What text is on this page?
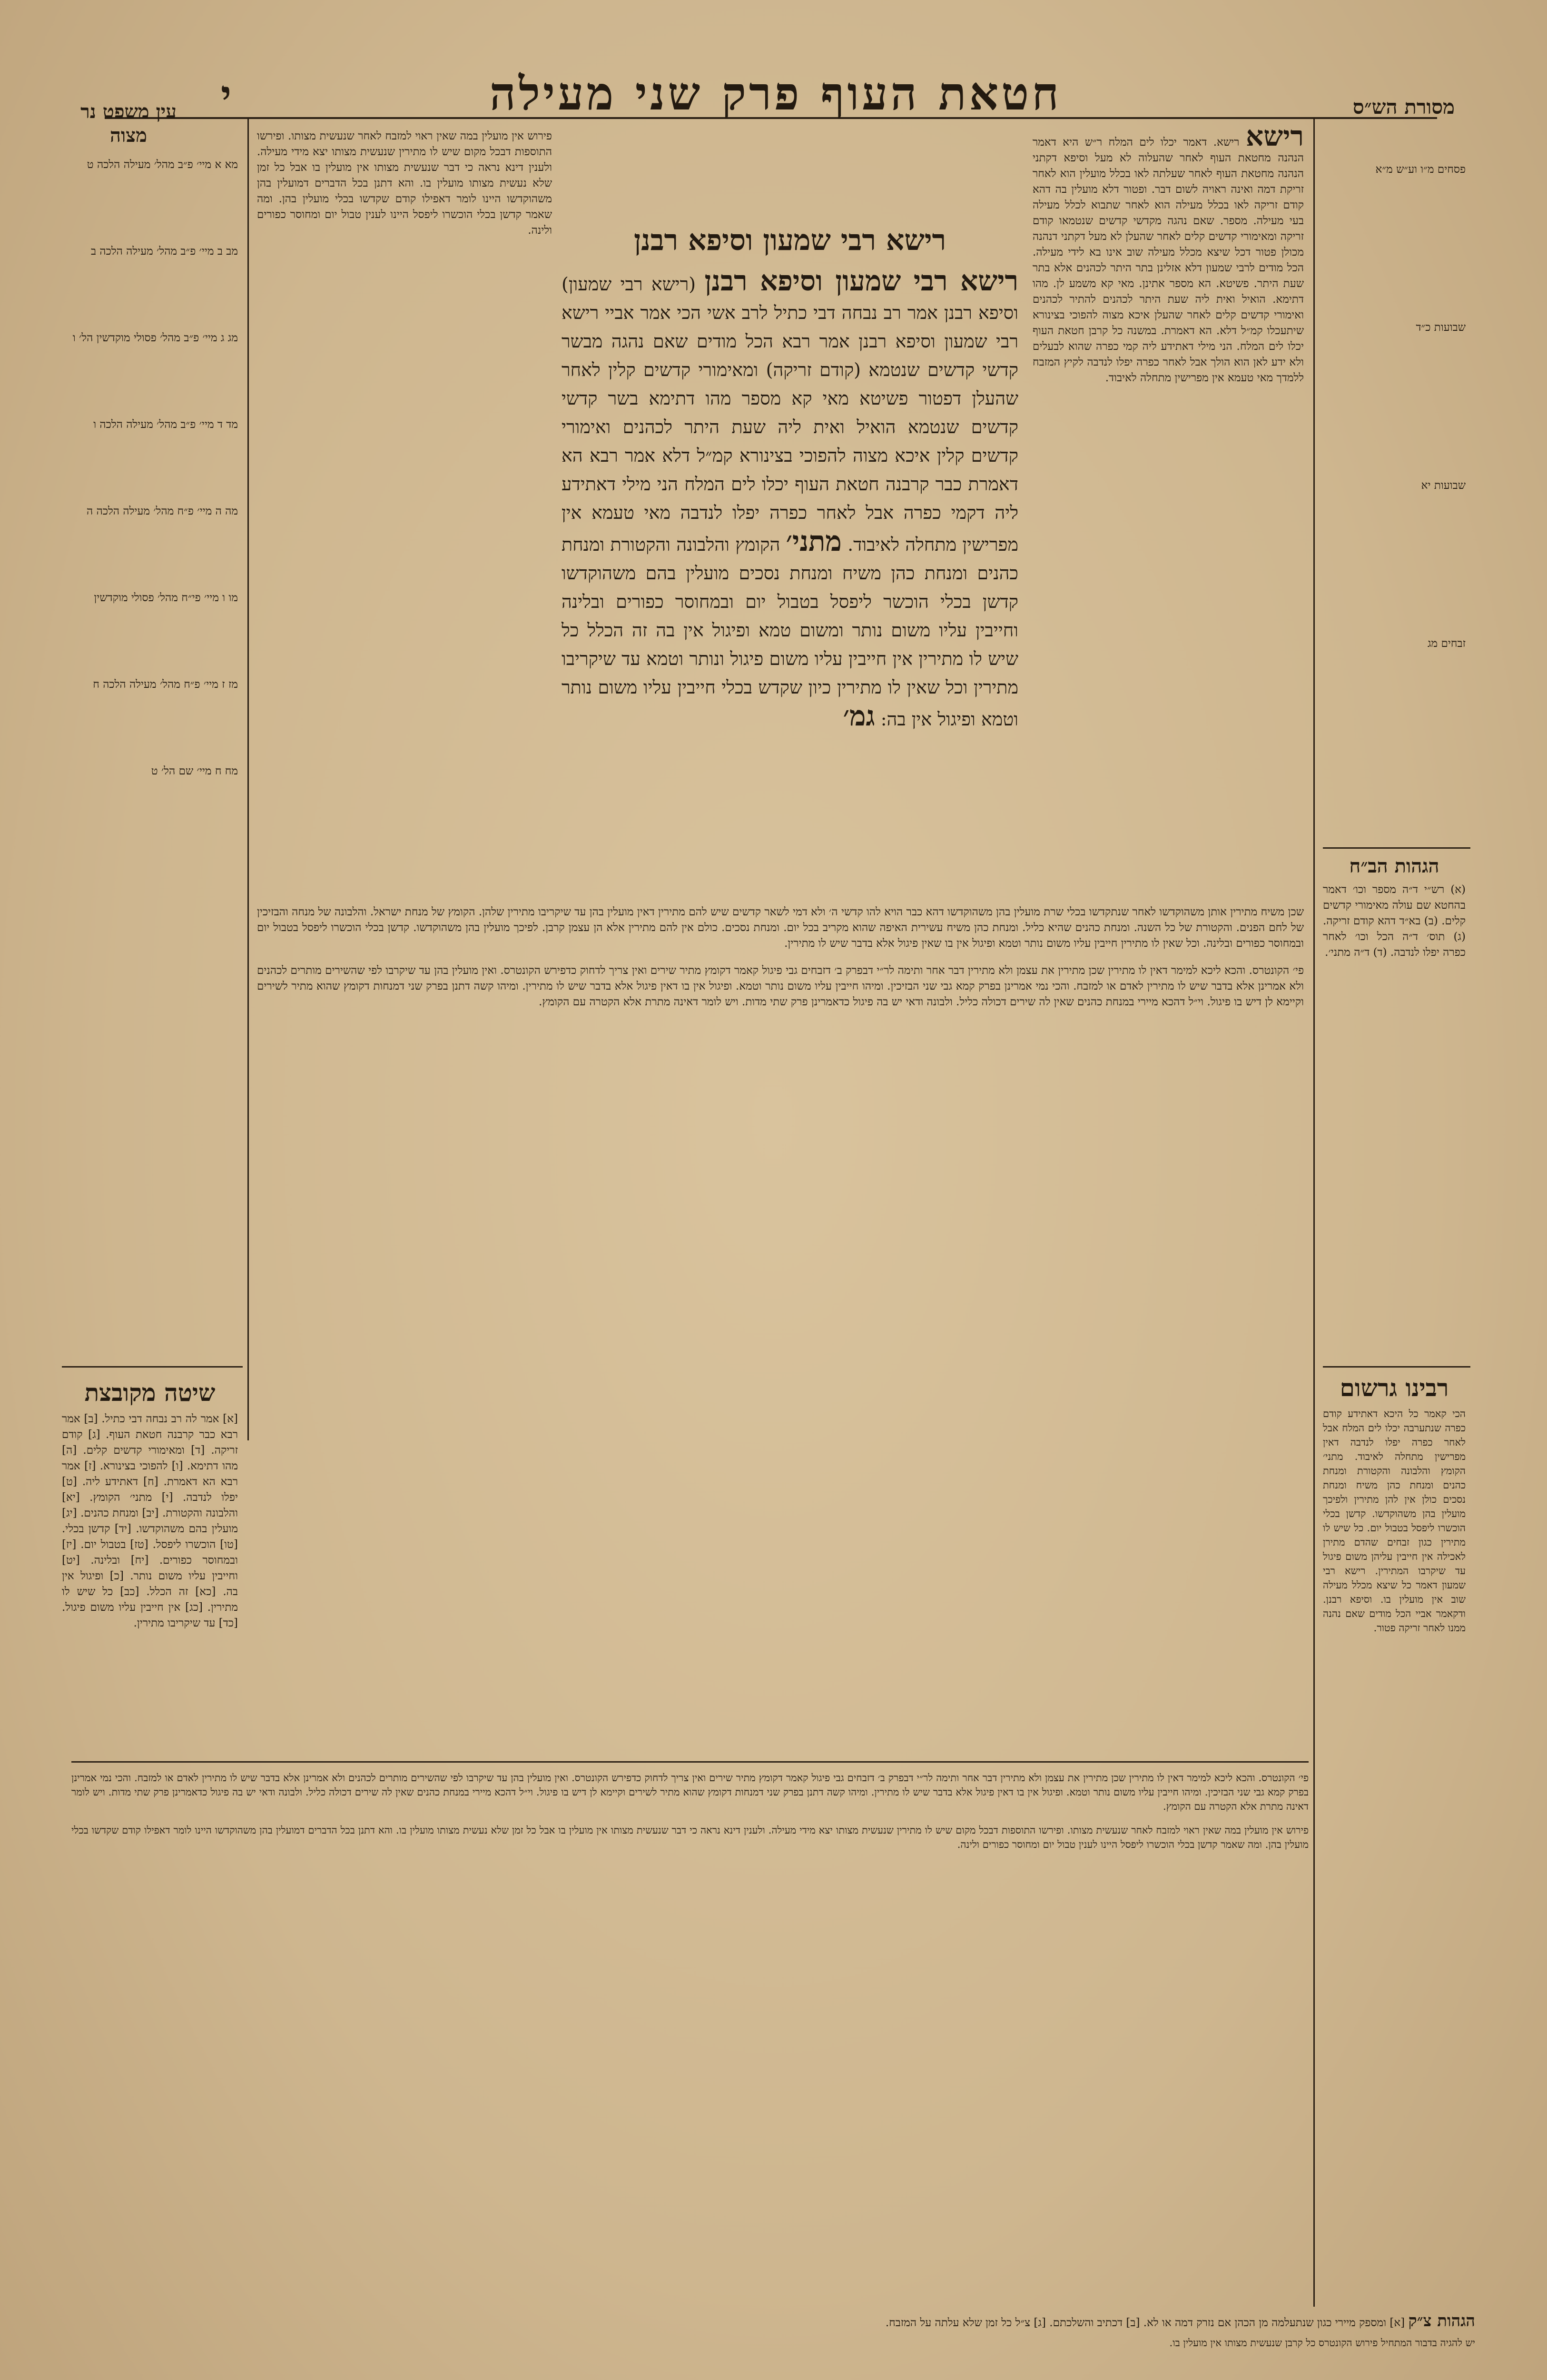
חטאת העוף פרק שני מעילה
י
עין משפט נר מצוה
מסורת הש״ס

מא א מיי׳ פ״ב מהל׳ מעילה הלכה ט

מב ב מיי׳ פ״ב מהל׳ מעילה הלכה ב

מג ג מיי׳ פ״ב מהל׳ פסולי מוקדשין הל׳ ו

מד ד מיי׳ פ״ב מהל׳ מעילה הלכה ו

מה ה מיי׳ פ״ח מהל׳ מעילה הלכה ה

מו ו מיי׳ פי״ח מהל׳ פסולי מוקדשין

מז ז מיי׳ פ״ח מהל׳ מעילה הלכה ח

מח ח מיי׳ שם הל׳ ט

שיטה מקובצת
[א] אמר לה רב נבחה דבי כתיל. [ב] אמר רבא כבר קרבנה חטאת העוף. [ג] קודם זריקה. [ד] ומאימורי קדשים קלים. [ה] מהו דתימא. [ו] להפוכי בצינורא. [ז] אמר רבא הא דאמרת. [ח] דאתידע ליה. [ט] יפלו לנדבה. [י] מתני׳ הקומץ. [יא] והלבונה והקטורת. [יב] ומנחת כהנים. [יג] מועלין בהם משהוקדשו. [יד] קדשן בכלי. [טו] הוכשרו ליפסל. [טז] בטבול יום. [יז] ובמחוסר כפורים. [יח] ובלינה. [יט] וחייבין עליו משום נותר. [כ] ופיגול אין בה. [כא] זה הכלל. [כב] כל שיש לו מתירין. [כג] אין חייבין עליו משום פיגול. [כד] עד שיקריבו מתירין.

פסחים מ״ו וע״ש מ״א

שבועות כ״ד

שבועות יא

זבחים מג

הגהות הב״ח
(א) רש״י ד״ה מספר וכו׳ דאמר בהחטא שם עולה מאימורי קדשים קלים. (ב) בא״ד דהא קודם זריקה. (ג) תוס׳ ד״ה הכל וכו׳ לאחר כפרה יפלו לנדבה. (ד) ד״ה מתני׳.
רבינו גרשום
הכי קאמר כל היכא דאתידע קודם כפרה שנתערבה יכלו לים המלח אבל לאחר כפרה יפלו לנדבה דאין מפרישין מתחלה לאיבוד. מתני׳ הקומץ והלבונה והקטורת ומנחת כהנים ומנחת כהן משיח ומנחת נסכים כולן אין להן מתירין ולפיכך מועלין בהן משהוקדשו. קדשן בכלי הוכשרו ליפסל בטבול יום. כל שיש לו מתירין כגון זבחים שהדם מתירן לאכילה אין חייבין עליהן משום פיגול עד שיקרבו המתירין. רישא רבי שמעון דאמר כל שיצא מכלל מעילה שוב אין מועלין בו. וסיפא רבנן. ודקאמר אביי הכל מודים שאם נהנה ממנו לאחר זריקה פטור.
רישא רישא. דאמר יכלו לים המלח ר״ש היא דאמר הנהנה מחטאת העוף לאחר שהעלוה לא מעל וסיפא דקתני הנהנה מחטאת העוף לאחר שעלתה לאו בכלל מועלין הוא לאחר זריקת דמה ואינה ראויה לשום דבר. ופטור דלא מועלין בה דהא קודם זריקה לאו בכלל מעילה הוא לאחר שתבוא לכלל מעילה בעי מעילה. מספר. שאם נהגה מקדשי קדשים שנטמאו קודם זריקה ומאימורי קדשים קלים לאחר שהעלן לא מעל דקתני דנהנה מכולן פטור דכל שיצא מכלל מעילה שוב אינו בא לידי מעילה. הכל מודים לרבי שמעון דלא אזלינן בתר היתר לכהנים אלא בתר שעת היתר. פשיטא. הא מספר אתינן. מאי קא משמע לן. מהו דתימא. הואיל ואית ליה שעת היתר לכהנים להתיר לכהנים ואימורי קדשים קלים לאחר שהעלן איכא מצוה להפוכי בצינורא שיתעכלו קמ״ל דלא. הא דאמרת. במשנה כל קרבן חטאת העוף יכלו לים המלח. הני מילי דאתידע ליה קמי כפרה שהוא לבעלים ולא ידע לאן הוא הולך אבל לאחר כפרה יפלו לנדבה לקיץ המזבח ללמדך מאי טעמא אין מפרישין מתחלה לאיבוד.
פירוש אין מועלין במה שאין ראוי למזבח לאחר שנעשית מצותו. ופירשו התוספות דבכל מקום שיש לו מתירין שנעשית מצותו יצא מידי מעילה. ולענין דינא נראה כי דבר שנעשית מצותו אין מועלין בו אבל כל זמן שלא נעשית מצותו מועלין בו. והא דתנן בכל הדברים דמועלין בהן משהוקדשו היינו לומר דאפילו קודם שקדשו בכלי מועלין בהן. ומה שאמר קדשן בכלי הוכשרו ליפסל היינו לענין טבול יום ומחוסר כפורים ולינה.
רישא רבי שמעון וסיפא רבנן (רישא רבי שמעון) וסיפא רבנן אמר רב נבחה דבי כתיל לרב אשי הכי אמר אביי רישא רבי שמעון וסיפא רבנן אמר רבא הכל מודים שאם נהגה מבשר קדשי קדשים שנטמא (קודם זריקה) ומאימורי קדשים קלין לאחר שהעלן דפטור פשיטא מאי קא מספר מהו דתימא בשר קדשי קדשים שנטמא הואיל ואית ליה שעת היתר לכהנים ואימורי קדשים קלין איכא מצוה להפוכי בצינורא קמ״ל דלא אמר רבא הא דאמרת כבר קרבנה חטאת העוף יכלו לים המלח הני מילי דאתידע ליה דקמי כפרה אבל לאחר כפרה יפלו לנדבה מאי טעמא אין מפרישין מתחלה לאיבוד. מתני׳ הקומץ והלבונה והקטורת ומנחת כהנים ומנחת כהן משיח ומנחת נסכים מועלין בהם משהוקדשו קדשן בכלי הוכשר ליפסל בטבול יום ובמחוסר כפורים ובלינה וחייבין עליו משום נותר ומשום טמא ופיגול אין בה זה הכלל כל שיש לו מתירין אין חייבין עליו משום פיגול ונותר וטמא עד שיקריבו מתירין וכל שאין לו מתירין כיון שקדש בכלי חייבין עליו משום נותר וטמא ופיגול אין בה: גמ׳
רישא רבי שמעון וסיפא רבנן
שכן משיח מתירין אותן משהוקדשו לאחר שנתקדשו בכלי שרת מועלין בהן משהוקדשו דהא כבר הויא להו קדשי ה׳ ולא דמי לשאר קדשים שיש להם מתירין דאין מועלין בהן עד שיקריבו מתירין שלהן. הקומץ של מנחת ישראל. והלבונה של מנחה והבזיכין של לחם הפנים. והקטורת של כל השנה. ומנחת כהנים שהיא כליל. ומנחת כהן משיח עשירית האיפה שהוא מקריב בכל יום. ומנחת נסכים. כולם אין להם מתירין אלא הן עצמן קרבן. לפיכך מועלין בהן משהוקדשו. קדשן בכלי הוכשרו ליפסל בטבול יום ובמחוסר כפורים ובלינה. וכל שאין לו מתירין חייבין עליו משום נותר וטמא ופיגול אין בו שאין פיגול אלא בדבר שיש לו מתירין.
פי׳ הקונטרס. והכא ליכא למימר דאין לו מתירין שכן מתירין את עצמן ולא מתירין דבר אחר ותימה לר״י דבפרק ב׳ דזבחים גבי פיגול קאמר דקומץ מתיר שירים ואין צריך לדחוק כדפירש הקונטרס. ואין מועלין בהן עד שיקרבו לפי שהשירים מותרים לכהנים ולא אמרינן אלא בדבר שיש לו מתירין לאדם או למזבח. והכי נמי אמרינן בפרק קמא גבי שני הבזיכין. ומיהו חייבין עליו משום נותר וטמא. ופיגול אין בו דאין פיגול אלא בדבר שיש לו מתירין. ומיהו קשה דתנן בפרק שני דמנחות דקומץ שהוא מתיר לשירים וקיימא לן דיש בו פיגול. וי״ל דהכא מיירי במנחת כהנים שאין לה שירים דכולה כליל. ולבונה ודאי יש בה פיגול כדאמרינן פרק שתי מדות. ויש לומר דאינה מתרת אלא הקטרה עם הקומץ.
פי׳ הקונטרס. והכא ליכא למימר דאין לו מתירין שכן מתירין את עצמן ולא מתירין דבר אחר ותימה לר״י דבפרק ב׳ דזבחים גבי פיגול קאמר דקומץ מתיר שירים ואין צריך לדחוק כדפירש הקונטרס. ואין מועלין בהן עד שיקרבו לפי שהשירים מותרים לכהנים ולא אמרינן אלא בדבר שיש לו מתירין לאדם או למזבח. והכי נמי אמרינן בפרק קמא גבי שני הבזיכין. ומיהו חייבין עליו משום נותר וטמא. ופיגול אין בו דאין פיגול אלא בדבר שיש לו מתירין. ומיהו קשה דתנן בפרק שני דמנחות דקומץ שהוא מתיר לשירים וקיימא לן דיש בו פיגול. וי״ל דהכא מיירי במנחת כהנים שאין לה שירים דכולה כליל. ולבונה ודאי יש בה פיגול כדאמרינן פרק שתי מדות. ויש לומר דאינה מתרת אלא הקטרה עם הקומץ.
פירוש אין מועלין במה שאין ראוי למזבח לאחר שנעשית מצותו. ופירשו התוספות דבכל מקום שיש לו מתירין שנעשית מצותו יצא מידי מעילה. ולענין דינא נראה כי דבר שנעשית מצותו אין מועלין בו אבל כל זמן שלא נעשית מצותו מועלין בו. והא דתנן בכל הדברים דמועלין בהן משהוקדשו היינו לומר דאפילו קודם שקדשו בכלי מועלין בהן. ומה שאמר קדשן בכלי הוכשרו ליפסל היינו לענין טבול יום ומחוסר כפורים ולינה.
הגהות צ״ק [א] ומספק מיירי כגון שנתעלמה מן הכהן אם נזרק דמה או לא. [ב] דכתיב והשלכתם. [ג] צ״ל כל זמן שלא עלתה על המזבח.
יש להגיה בדבור המתחיל פירוש הקונטרס כל קרבן שנעשית מצותו אין מועלין בו.
